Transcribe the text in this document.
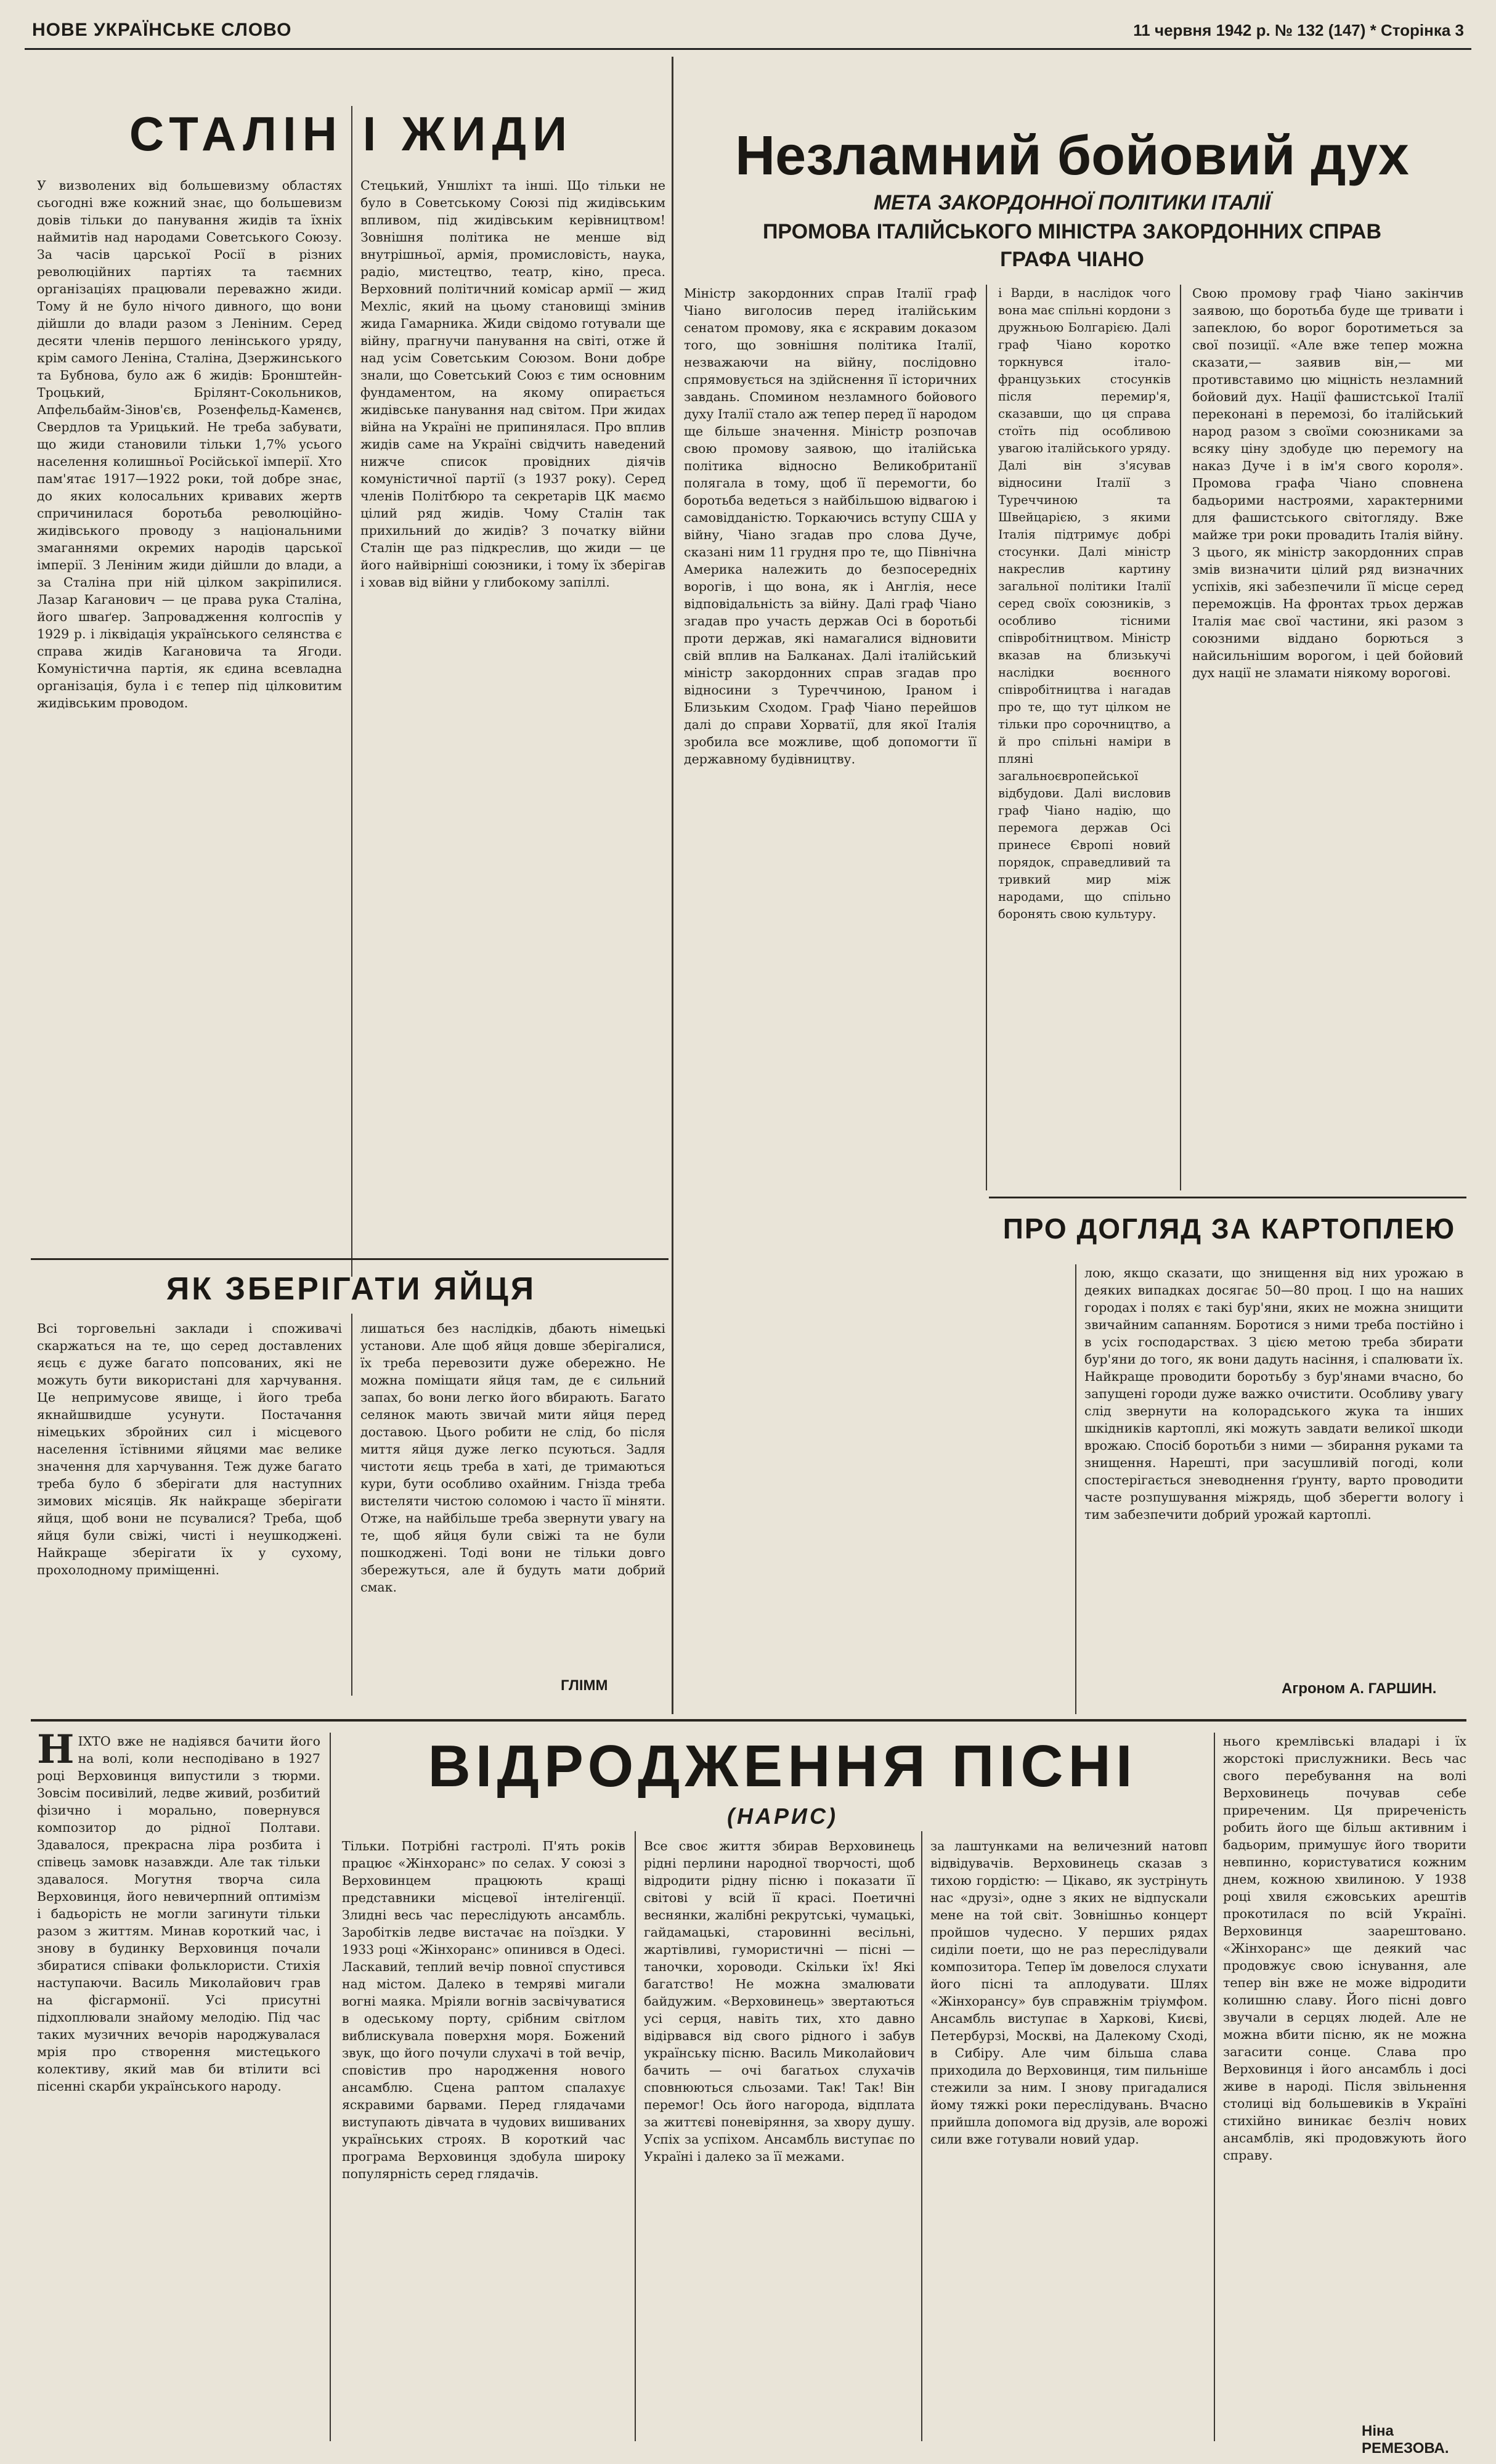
НОВЕ УКРАЇНСЬКЕ СЛОВО	11 червня 1942 р. № 132 (147) * Сторінка 3
СТАЛІН І ЖИДИ
У визволених від большевизму областях сьогодні вже кожний знає, що большевизм довів тільки до панування жидів та їхніх наймитів над народами Советського Союзу. За часів царської Росії в різних революційних партіях та таємних організаціях працювали переважно жиди. Тому й не було нічого дивного, що вони дійшли до влади разом з Леніним. Серед десяти членів першого ленінського уряду, крім самого Леніна, Сталіна, Дзержинського та Бубнова, було аж 6 жидів: Бронштейн-Троцький, Брілянт-Сокольников, Апфельбайм-Зінов'єв, Розенфельд-Каменєв, Свердлов та Урицький. Не треба забувати, що жиди становили тільки 1,7% усього населення колишньої Російської імперії. Хто пам'ятає 1917—1922 роки, той добре знає, до яких колосальних кривавих жертв спричинилася боротьба революційно-жидівського проводу з національними змаганнями окремих народів царської імперії. З Леніним жиди дійшли до влади, а за Сталіна при ній цілком закріпилися. Лазар Каганович — це права рука Сталіна, його шваґер. Запровадження колгоспів у 1929 р. і ліквідація українського селянства є справа жидів Кагановича та Ягоди. Комуністична партія, як єдина всевладна організація, була і є тепер під цілковитим жидівським проводом.
Стецький, Уншліхт та інші. Що тільки не було в Советському Союзі під жидівським впливом, під жидівським керівництвом! Зовнішня політика не менше від внутрішньої, армія, промисловість, наука, радіо, мистецтво, театр, кіно, преса. Верховний політичний комісар армії — жид Мехліс, який на цьому становищі змінив жида Гамарника. Жиди свідомо готували ще війну, прагнучи панування на світі, отже й над усім Советським Союзом. Вони добре знали, що Советський Союз є тим основним фундаментом, на якому опирається жидівське панування над світом. При жидах війна на Україні не припинялася. Про вплив жидів саме на Україні свідчить наведений нижче список провідних діячів комуністичної партії (з 1937 року). Серед членів Політбюро та секретарів ЦК маємо цілий ряд жидів. Чому Сталін так прихильний до жидів? З початку війни Сталін ще раз підкреслив, що жиди — це його найвірніші союзники, і тому їх зберігав і ховав від війни у глибокому запіллі.
ЯК ЗБЕРІГАТИ ЯЙЦЯ
Всі торговельні заклади і споживачі скаржаться на те, що серед доставлених яєць є дуже багато попсованих, які не можуть бути використані для харчування. Це непримусове явище, і його треба якнайшвидше усунути. Постачання німецьких збройних сил і місцевого населення їстівними яйцями має велике значення для харчування. Теж дуже багато треба було б зберігати для наступних зимових місяців. Як найкраще зберігати яйця, щоб вони не псувалися? Треба, щоб яйця були свіжі, чисті і неушкоджені. Найкраще зберігати їх у сухому, прохолодному приміщенні.
лишаться без наслідків, дбають німецькі установи. Але щоб яйця довше зберігалися, їх треба перевозити дуже обережно. Не можна поміщати яйця там, де є сильний запах, бо вони легко його вбирають. Багато селянок мають звичай мити яйця перед доставою. Цього робити не слід, бо після миття яйця дуже легко псуються. Задля чистоти яєць треба в хаті, де тримаються кури, бути особливо охайним. Гнізда треба вистеляти чистою соломою і часто її міняти. Отже, на найбільше треба звернути увагу на те, щоб яйця були свіжі та не були пошкоджені. Тоді вони не тільки довго збережуться, але й будуть мати добрий смак.
ГЛІММ
Незламний бойовий дух
МЕТА ЗАКОРДОННОЇ ПОЛІТИКИ ІТАЛІЇ
ПРОМОВА ІТАЛІЙСЬКОГО МІНІСТРА ЗАКОРДОННИХ СПРАВ
ГРАФА ЧІАНО
Міністр закордонних справ Італії граф Чіано виголосив перед італійським сенатом промову, яка є яскравим доказом того, що зовнішня політика Італії, незважаючи на війну, послідовно спрямовується на здійснення її історичних завдань. Спомином незламного бойового духу Італії стало аж тепер перед її народом ще більше значення. Міністр розпочав свою промову заявою, що італійська політика відносно Великобританії полягала в тому, щоб її перемогти, бо боротьба ведеться з найбільшою відвагою і самовідданістю. Торкаючись вступу США у війну, Чіано згадав про слова Дуче, сказані ним 11 грудня про те, що Північна Америка належить до безпосередніх ворогів, і що вона, як і Англія, несе відповідальність за війну. Далі граф Чіано згадав про участь держав Осі в боротьбі проти держав, які намагалися відновити свій вплив на Балканах. Далі італійський міністр закордонних справ згадав про відносини з Туреччиною, Іраном і Близьким Сходом. Граф Чіано перейшов далі до справи Хорватії, для якої Італія зробила все можливе, щоб допомогти її державному будівництву.
і Варди, в наслідок чого вона має спільні кордони з дружньою Болгарією. Далі граф Чіано коротко торкнувся італо-французьких стосунків після перемир'я, сказавши, що ця справа стоїть під особливою увагою італійського уряду. Далі він з'ясував відносини Італії з Туреччиною та Швейцарією, з якими Італія підтримує добрі стосунки. Далі міністр накреслив картину загальної політики Італії серед своїх союзників, з особливо тісними співробітництвом. Міністр вказав на близькучі наслідки воєнного співробітництва і нагадав про те, що тут цілком не тільки про сорочництво, а й про спільні наміри в пляні загальноєвропейської відбудови. Далі висловив граф Чіано надію, що перемога держав Осі принесе Європі новий порядок, справедливий та тривкий мир між народами, що спільно боронять свою культуру.
Свою промову граф Чіано закінчив заявою, що боротьба буде ще тривати і запеклою, бо ворог боротиметься за свої позиції. «Але вже тепер можна сказати,— заявив він,— ми противставимо цю міцність незламний бойовий дух. Нації фашистської Італії переконані в перемозі, бо італійський народ разом з своїми союзниками за всяку ціну здобуде цю перемогу на наказ Дуче і в ім'я свого короля». Промова графа Чіано сповнена бадьорими настроями, характерними для фашистського світогляду. Вже майже три роки провадить Італія війну. З цього, як міністр закордонних справ змів визначити цілий ряд визначних успіхів, які забезпечили її місце серед переможців. На фронтах трьох держав Італія має свої частини, які разом з союзними віддано борються з найсильнішим ворогом, і цей бойовий дух нації не зламати ніякому ворогові.
ПРО ДОГЛЯД ЗА КАРТОПЛЕЮ
лою, якщо сказати, що знищення від них урожаю в деяких випадках досягає 50—80 проц. І що на наших городах і полях є такі бур'яни, яких не можна знищити звичайним сапанням. Боротися з ними треба постійно і в усіх господарствах. З цією метою треба збирати бур'яни до того, як вони дадуть насіння, і спалювати їх. Найкраще проводити боротьбу з бур'янами вчасно, бо запущені городи дуже важко очистити. Особливу увагу слід звернути на колорадського жука та інших шкідників картоплі, які можуть завдати великої шкоди врожаю. Спосіб боротьби з ними — збирання руками та знищення. Нарешті, при засушливій погоді, коли спостерігається зневоднення ґрунту, варто проводити часте розпушування міжрядь, щоб зберегти вологу і тим забезпечити добрий урожай картоплі.
Агроном А. ГАРШИН.
ВІДРОДЖЕННЯ ПІСНІ
(НАРИС)
НІХТО вже не надіявся бачити його на волі, коли несподівано в 1927 році Верховинця випустили з тюрми. Зовсім посивілий, ледве живий, розбитий фізично і морально, повернувся композитор до рідної Полтави. Здавалося, прекрасна ліра розбита і співець замовк назавжди. Але так тільки здавалося. Могутня творча сила Верховинця, його невичерпний оптимізм і бадьорість не могли загинути тільки разом з життям. Минав короткий час, і знову в будинку Верховинця почали збиратися співаки фольклористи. Стихія наступаючи. Василь Миколайович грав на фісгармонії. Усі присутні підхоплювали знайому мелодію. Під час таких музичних вечорів народжувалася мрія про створення мистецького колективу, який мав би втілити всі пісенні скарби українського народу.
Тільки. Потрібні гастролі. П'ять років працює «Жінхоранс» по селах. У союзі з Верховинцем працюють кращі представники місцевої інтелігенції. Злидні весь час переслідують ансамбль. Заробітків ледве вистачає на поїздки. У 1933 році «Жінхоранс» опинився в Одесі. Ласкавий, теплий вечір повної спустився над містом. Далеко в темряві мигали вогні маяка. Мріяли вогнів засвічуватися в одеському порту, срібним світлом виблискувала поверхня моря. Божений звук, що його почули слухачі в той вечір, сповістив про народження нового ансамблю. Сцена раптом спалахує яскравими барвами. Перед глядачами виступають дівчата в чудових вишиваних українських строях. В короткий час програма Верховинця здобула широку популярність серед глядачів.
Все своє життя збирав Верховинець рідні перлини народної творчості, щоб відродити рідну пісню і показати її світові у всій її красі. Поетичні веснянки, жалібні рекрутські, чумацькі, гайдамацькі, старовинні весільні, жартівливі, гумористичні — пісні — таночки, хороводи. Скільки їх! Які багатство! Не можна змалювати байдужим. «Верховинець» звертаються усі серця, навіть тих, хто давно відірвався від свого рідного і забув українську пісню. Василь Миколайович бачить — очі багатьох слухачів сповнюються сльозами. Так! Так! Він перемог! Ось його нагорода, відплата за життєві поневіряння, за хвору душу. Успіх за успіхом. Ансамбль виступає по Україні і далеко за її межами.
за лаштунками на величезний натовп відвідувачів. Верховинець сказав з тихою гордістю: — Цікаво, як зустрінуть нас «друзі», одне з яких не відпускали мене на той світ. Зовнішньо концерт пройшов чудесно. У перших рядах сиділи поети, що не раз переслідували композитора. Тепер їм довелося слухати його пісні та аплодувати. Шлях «Жінхорансу» був справжнім тріумфом. Ансамбль виступає в Харкові, Києві, Петербурзі, Москві, на Далекому Сході, в Сибіру. Але чим більша слава приходила до Верховинця, тим пильніше стежили за ним. І знову пригадалися йому тяжкі роки переслідувань. Вчасно прийшла допомога від друзів, але ворожі сили вже готували новий удар.
нього кремлівські владарі і їх жорстокі прислужники. Весь час свого перебування на волі Верховинець почував себе приреченим. Ця приреченість робить його ще більш активним і бадьорим, примушує його творити невпинно, користуватися кожним днем, кожною хвилиною. У 1938 році хвиля єжовських арештів прокотилася по всій Україні. Верховинця заарештовано. «Жінхоранс» ще деякий час продовжує свою існування, але тепер він вже не може відродити колишню славу. Його пісні довго звучали в серцях людей. Але не можна вбити пісню, як не можна загасити сонце. Слава про Верховинця і його ансамбль і досі живе в народі. Після звільнення столиці від большевиків в Україні стихійно виникає безліч нових ансамблів, які продовжують його справу.
Ніна РЕМЕЗОВА.
